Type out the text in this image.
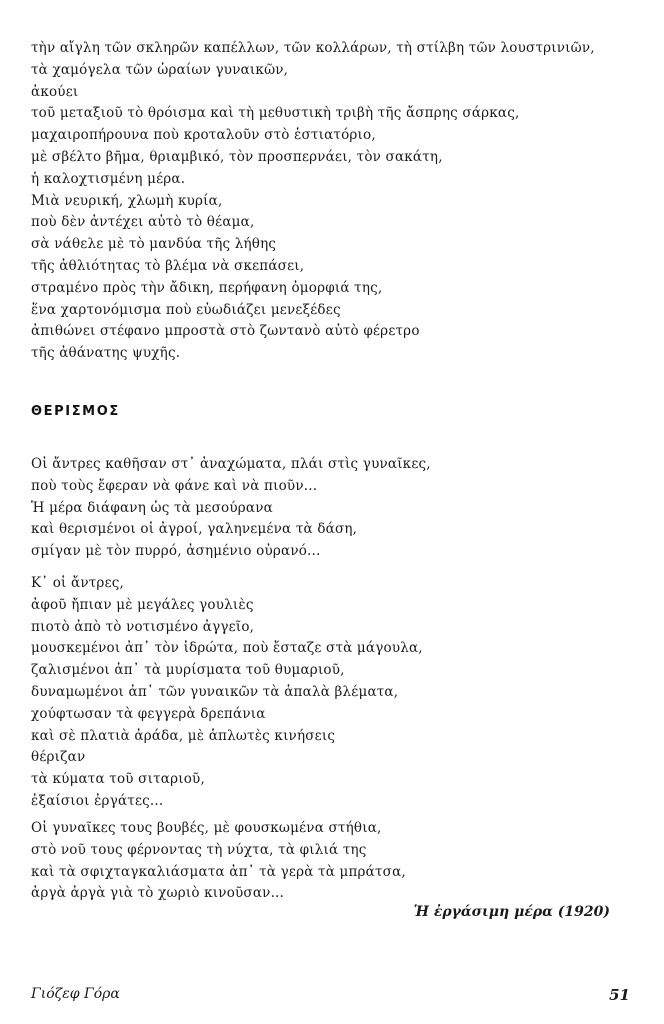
τὴν αἴγλη τῶν σκληρῶν καπέλλων, τῶν κολλάρων, τὴ στίλβη τῶν λουστρινιῶν,
τὰ χαμόγελα τῶν ὡραίων γυναικῶν,
ἀκούει
τοῦ μεταξιοῦ τὸ θρόισμα καὶ τὴ μεθυστικὴ τριβὴ τῆς ἄσπρης σάρκας,
μαχαιροπήρουνα ποὺ κροταλοῦν στὸ ἑστιατόριο,
μὲ σβέλτο βῆμα, θριαμβικό, τὸν προσπερνάει, τὸν σακάτη,
ἡ καλοχτισμένη μέρα.
Μιὰ νευρική, χλωμὴ κυρία,
ποὺ δὲν ἀντέχει αὐτὸ τὸ θέαμα,
σὰ νάθελε μὲ τὸ μανδύα τῆς λήθης
τῆς ἀθλιότητας τὸ βλέμα νὰ σκεπάσει,
στραμένο πρὸς τὴν ἄδικη, περήφανη ὀμορφιά της,
ἕνα χαρτονόμισμα ποὺ εὐωδιάζει μενεξέδες
ἀπιθώνει στέφανο μπροστὰ στὸ ζωντανὸ αὐτὸ φέρετρο
τῆς ἀθάνατης ψυχῆς.
ΘΕΡΙΣΜΟΣ
Οἱ ἄντρες καθῆσαν στ᾿ ἀναχώματα, πλάι στὶς γυναῖκες,
ποὺ τοὺς ἔφεραν νὰ φάνε καὶ νὰ πιοῦν...
Ἡ μέρα διάφανη ὡς τὰ μεσούρανα
καὶ θερισμένοι οἱ ἀγροί, γαληνεμένα τὰ δάση,
σμίγαν μὲ τὸν πυρρό, ἀσημένιο οὐρανό...
Κ᾿ οἱ ἄντρες,
ἀφοῦ ἤπιαν μὲ μεγάλες γουλιὲς
πιοτὸ ἀπὸ τὸ νοτισμένο ἀγγεῖο,
μουσκεμένοι ἀπ᾿ τὸν ἱδρώτα, ποὺ ἔσταζε στὰ μάγουλα,
ζαλισμένοι ἀπ᾿ τὰ μυρίσματα τοῦ θυμαριοῦ,
δυναμωμένοι ἀπ᾿ τῶν γυναικῶν τὰ ἁπαλὰ βλέματα,
χούφτωσαν τὰ φεγγερὰ δρεπάνια
καὶ σὲ πλατιὰ ἀράδα, μὲ ἁπλωτὲς κινήσεις
θέριζαν
τὰ κύματα τοῦ σιταριοῦ,
ἐξαίσιοι ἐργάτες...
Οἱ γυναῖκες τους βουβές, μὲ φουσκωμένα στήθια,
στὸ νοῦ τους φέρνοντας τὴ νύχτα, τὰ φιλιά της
καὶ τὰ σφιχταγκαλιάσματα ἀπ᾿ τὰ γερὰ τὰ μπράτσα,
ἀργὰ ἀργὰ γιὰ τὸ χωριὸ κινοῦσαν...
Ἡ ἐργάσιμη μέρα (1920)
Γιόζεφ Γόρα	51
